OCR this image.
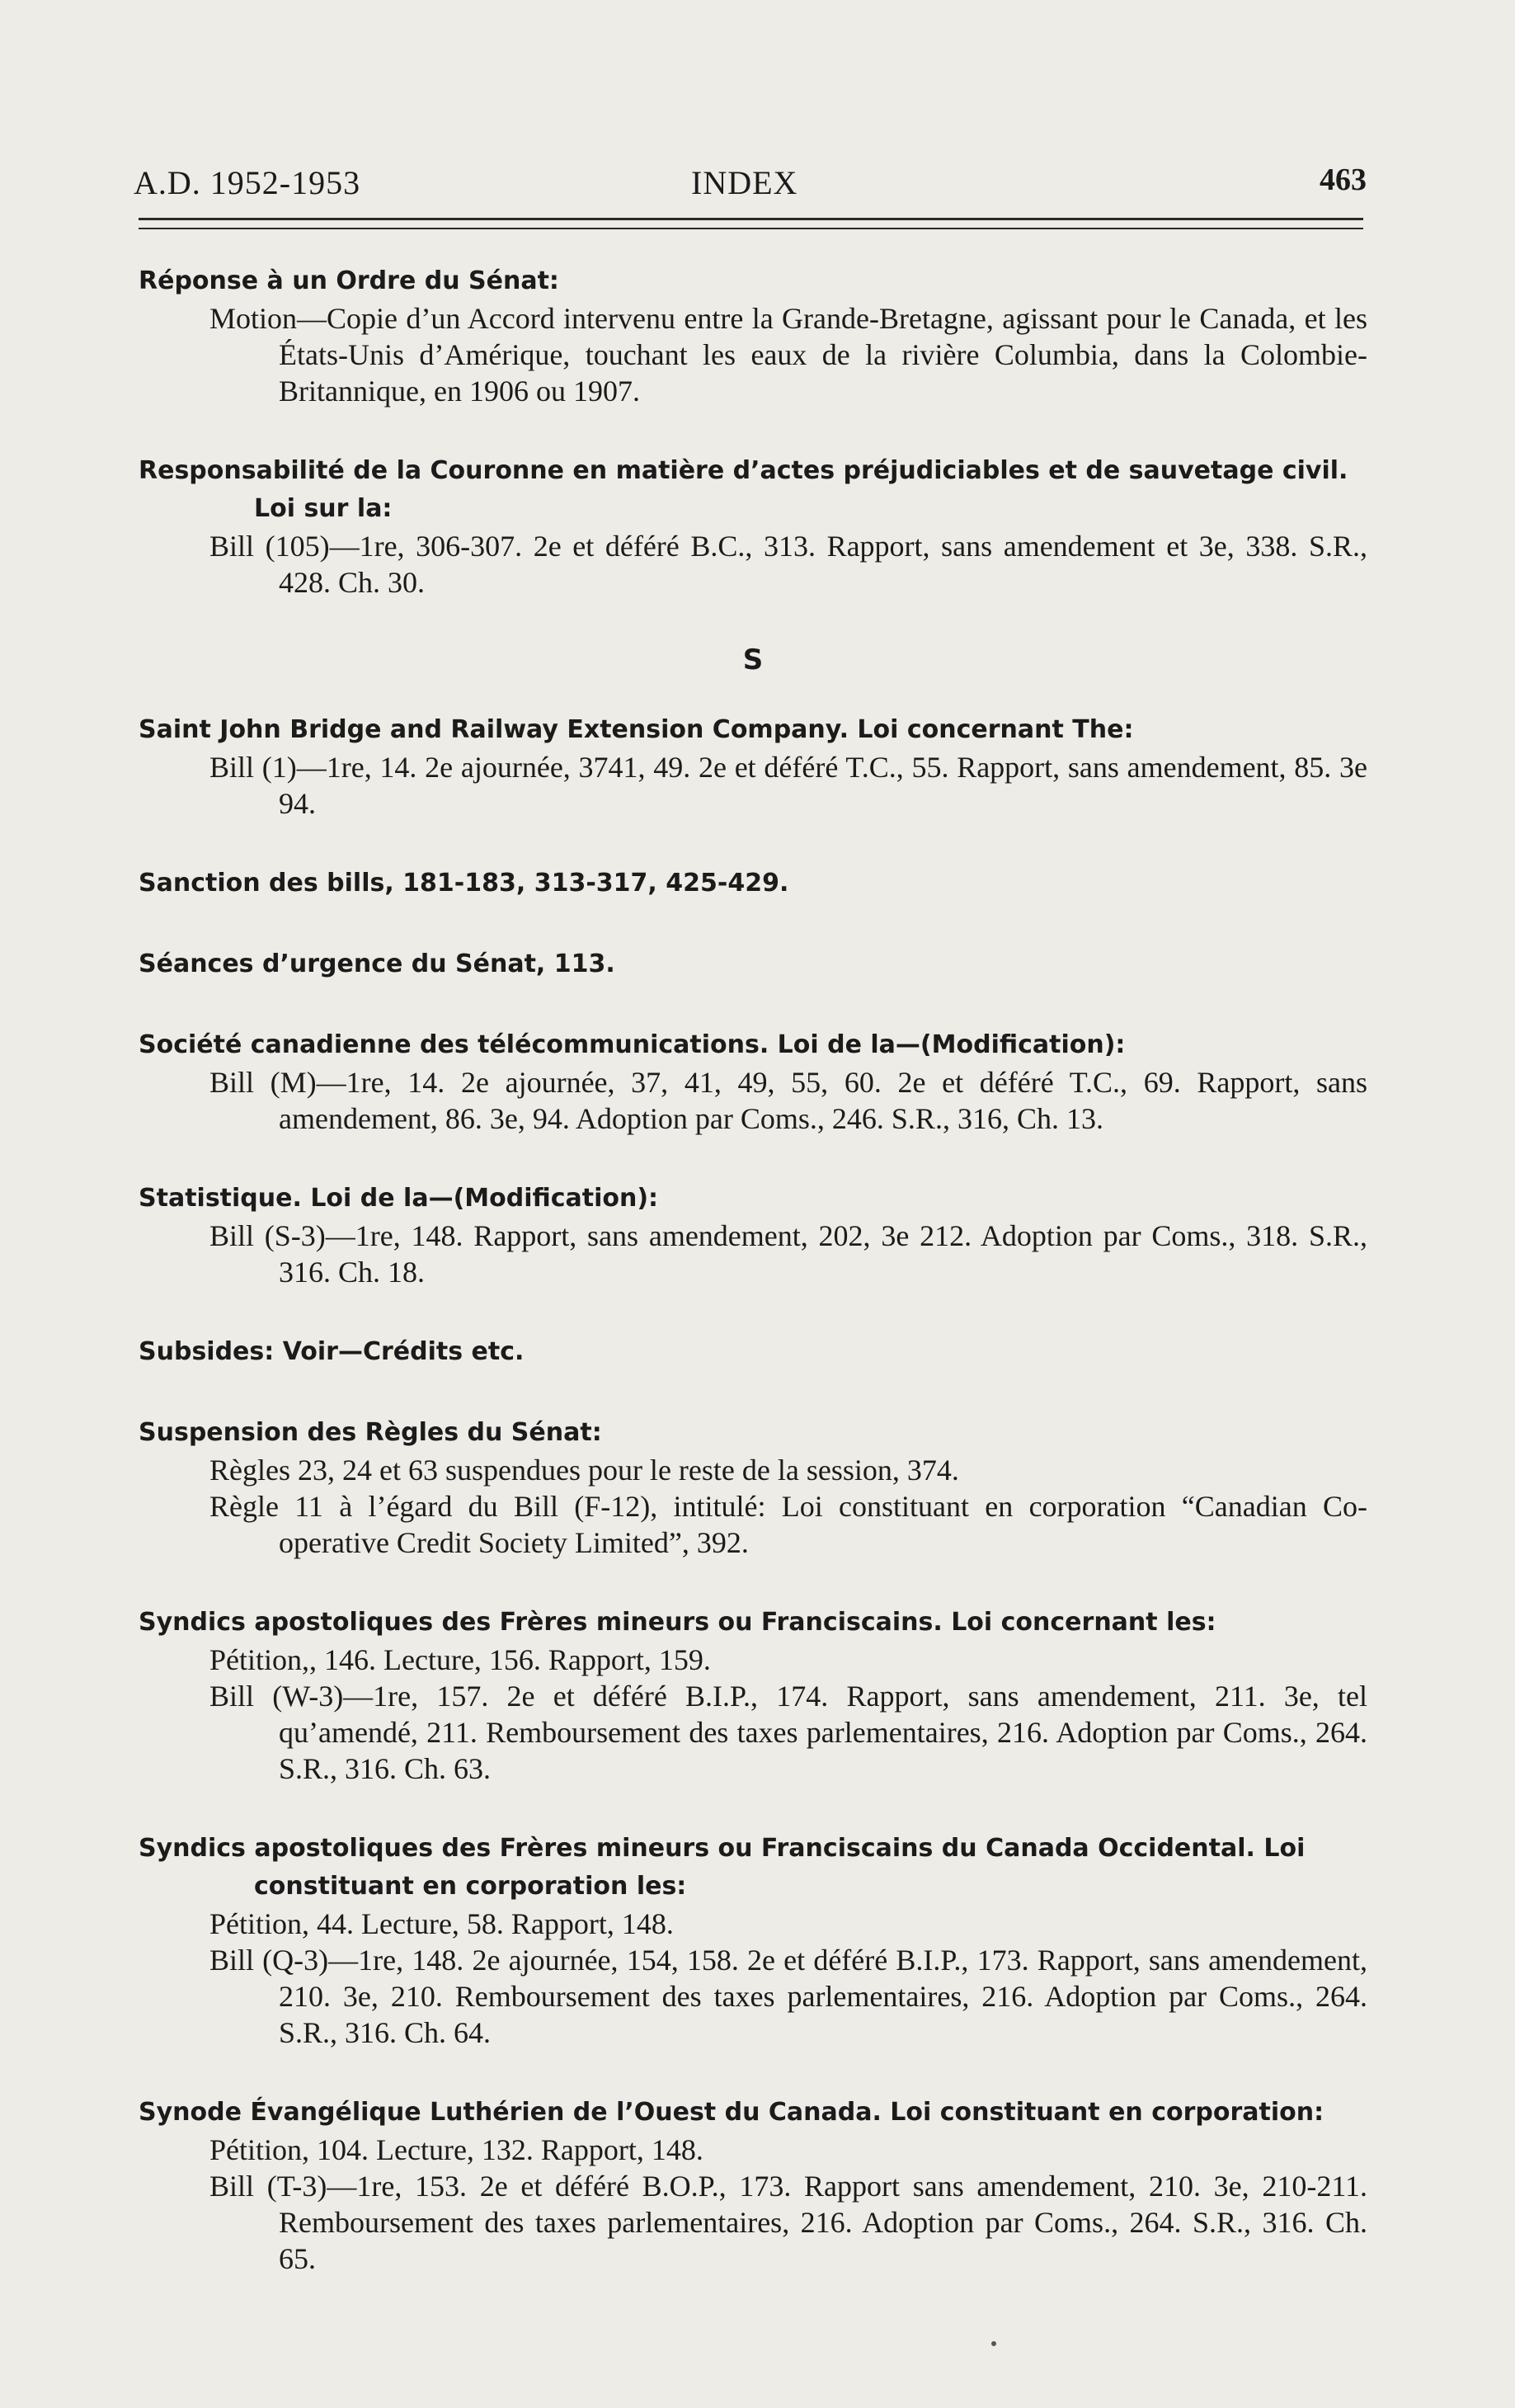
A.D. 1952-1953	INDEX	463
Réponse à un Ordre du Sénat:
Motion—Copie d’un Accord intervenu entre la Grande-Bretagne, agissant pour le Canada, et les États-Unis d’Amérique, touchant les eaux de la rivière Columbia, dans la Colombie-Britannique, en 1906 ou 1907.
Responsabilité de la Couronne en matière d’actes préjudiciables et de sauvetage civil. Loi sur la:
Bill (105)—1re, 306-307. 2e et déféré B.C., 313. Rapport, sans amendement et 3e, 338. S.R., 428. Ch. 30.
S
Saint John Bridge and Railway Extension Company. Loi concernant The:
Bill (1)—1re, 14. 2e ajournée, 3741, 49. 2e et déféré T.C., 55. Rapport, sans amendement, 85. 3e 94.
Sanction des bills, 181-183, 313-317, 425-429.
Séances d’urgence du Sénat, 113.
Société canadienne des télécommunications. Loi de la—(Modification):
Bill (M)—1re, 14. 2e ajournée, 37, 41, 49, 55, 60. 2e et déféré T.C., 69. Rapport, sans amendement, 86. 3e, 94. Adoption par Coms., 246. S.R., 316, Ch. 13.
Statistique. Loi de la—(Modification):
Bill (S-3)—1re, 148. Rapport, sans amendement, 202, 3e 212. Adoption par Coms., 318. S.R., 316. Ch. 18.
Subsides: Voir—Crédits etc.
Suspension des Règles du Sénat:
Règles 23, 24 et 63 suspendues pour le reste de la session, 374.
Règle 11 à l’égard du Bill (F-12), intitulé: Loi constituant en corporation “Canadian Co-operative Credit Society Limited”, 392.
Syndics apostoliques des Frères mineurs ou Franciscains. Loi concernant les:
Pétition,, 146. Lecture, 156. Rapport, 159.
Bill (W-3)—1re, 157. 2e et déféré B.I.P., 174. Rapport, sans amendement, 211. 3e, tel qu’amendé, 211. Remboursement des taxes parlementaires, 216. Adoption par Coms., 264. S.R., 316. Ch. 63.
Syndics apostoliques des Frères mineurs ou Franciscains du Canada Occidental. Loi constituant en corporation les:
Pétition, 44. Lecture, 58. Rapport, 148.
Bill (Q-3)—1re, 148. 2e ajournée, 154, 158. 2e et déféré B.I.P., 173. Rapport, sans amendement, 210. 3e, 210. Remboursement des taxes parlementaires, 216. Adoption par Coms., 264. S.R., 316. Ch. 64.
Synode Évangélique Luthérien de l’Ouest du Canada. Loi constituant en corporation:
Pétition, 104. Lecture, 132. Rapport, 148.
Bill (T-3)—1re, 153. 2e et déféré B.O.P., 173. Rapport sans amendement, 210. 3e, 210-211. Remboursement des taxes parlementaires, 216. Adoption par Coms., 264. S.R., 316. Ch. 65.
